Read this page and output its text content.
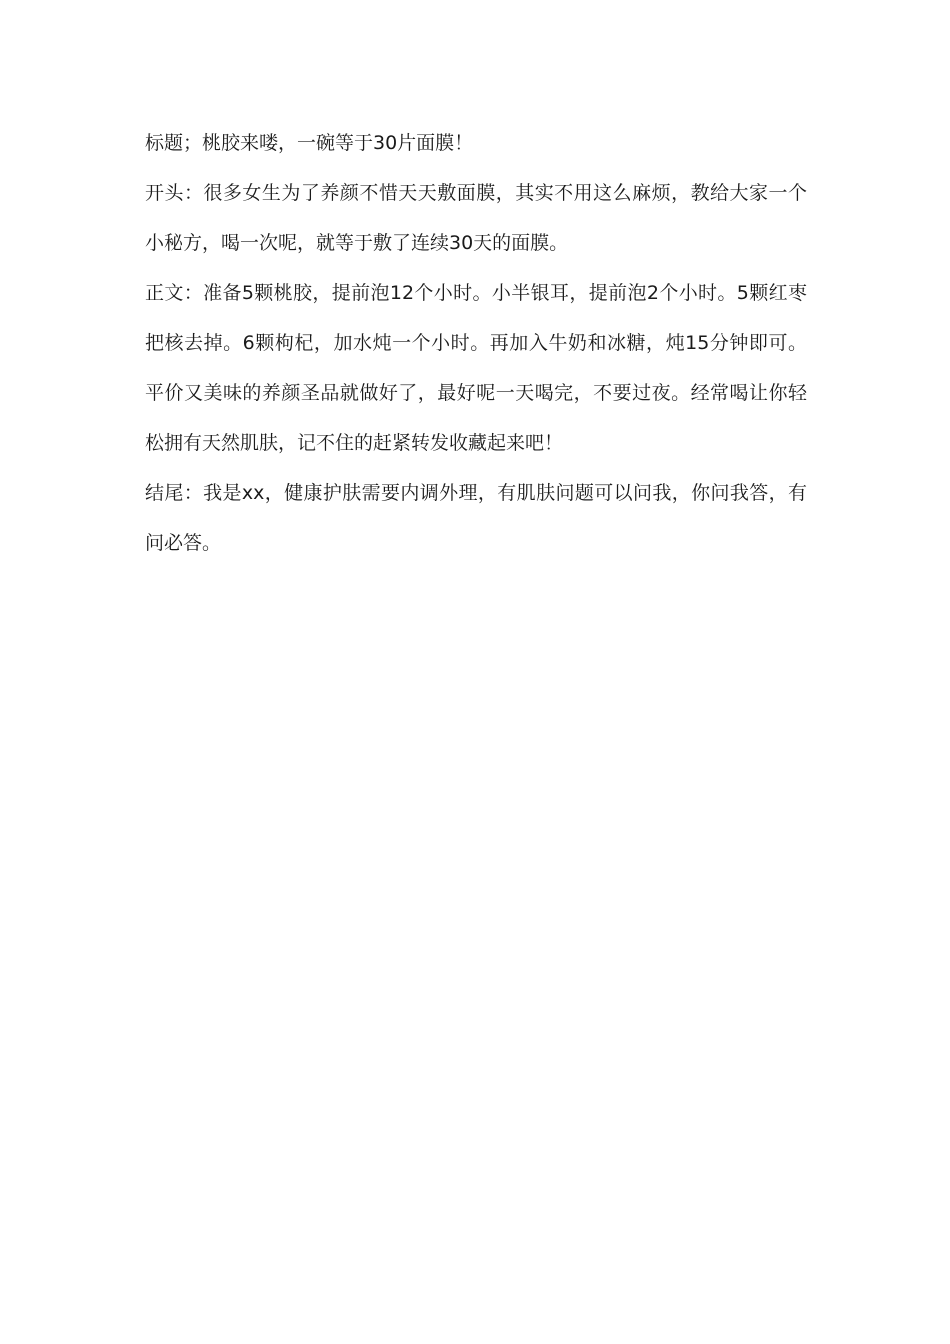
标题；桃胶来喽，一碗等于30片面膜！

开头：很多女生为了养颜不惜天天敷面膜，其实不用这么麻烦，教给大家一个小秘方，喝一次呢，就等于敷了连续30天的面膜。

正文：准备5颗桃胶，提前泡12个小时。小半银耳，提前泡2个小时。5颗红枣把核去掉。6颗枸杞，加水炖一个小时。再加入牛奶和冰糖，炖15分钟即可。平价又美味的养颜圣品就做好了，最好呢一天喝完，不要过夜。经常喝让你轻松拥有天然肌肤，记不住的赶紧转发收藏起来吧！

结尾：我是xx，健康护肤需要内调外理，有肌肤问题可以问我，你问我答，有问必答。
